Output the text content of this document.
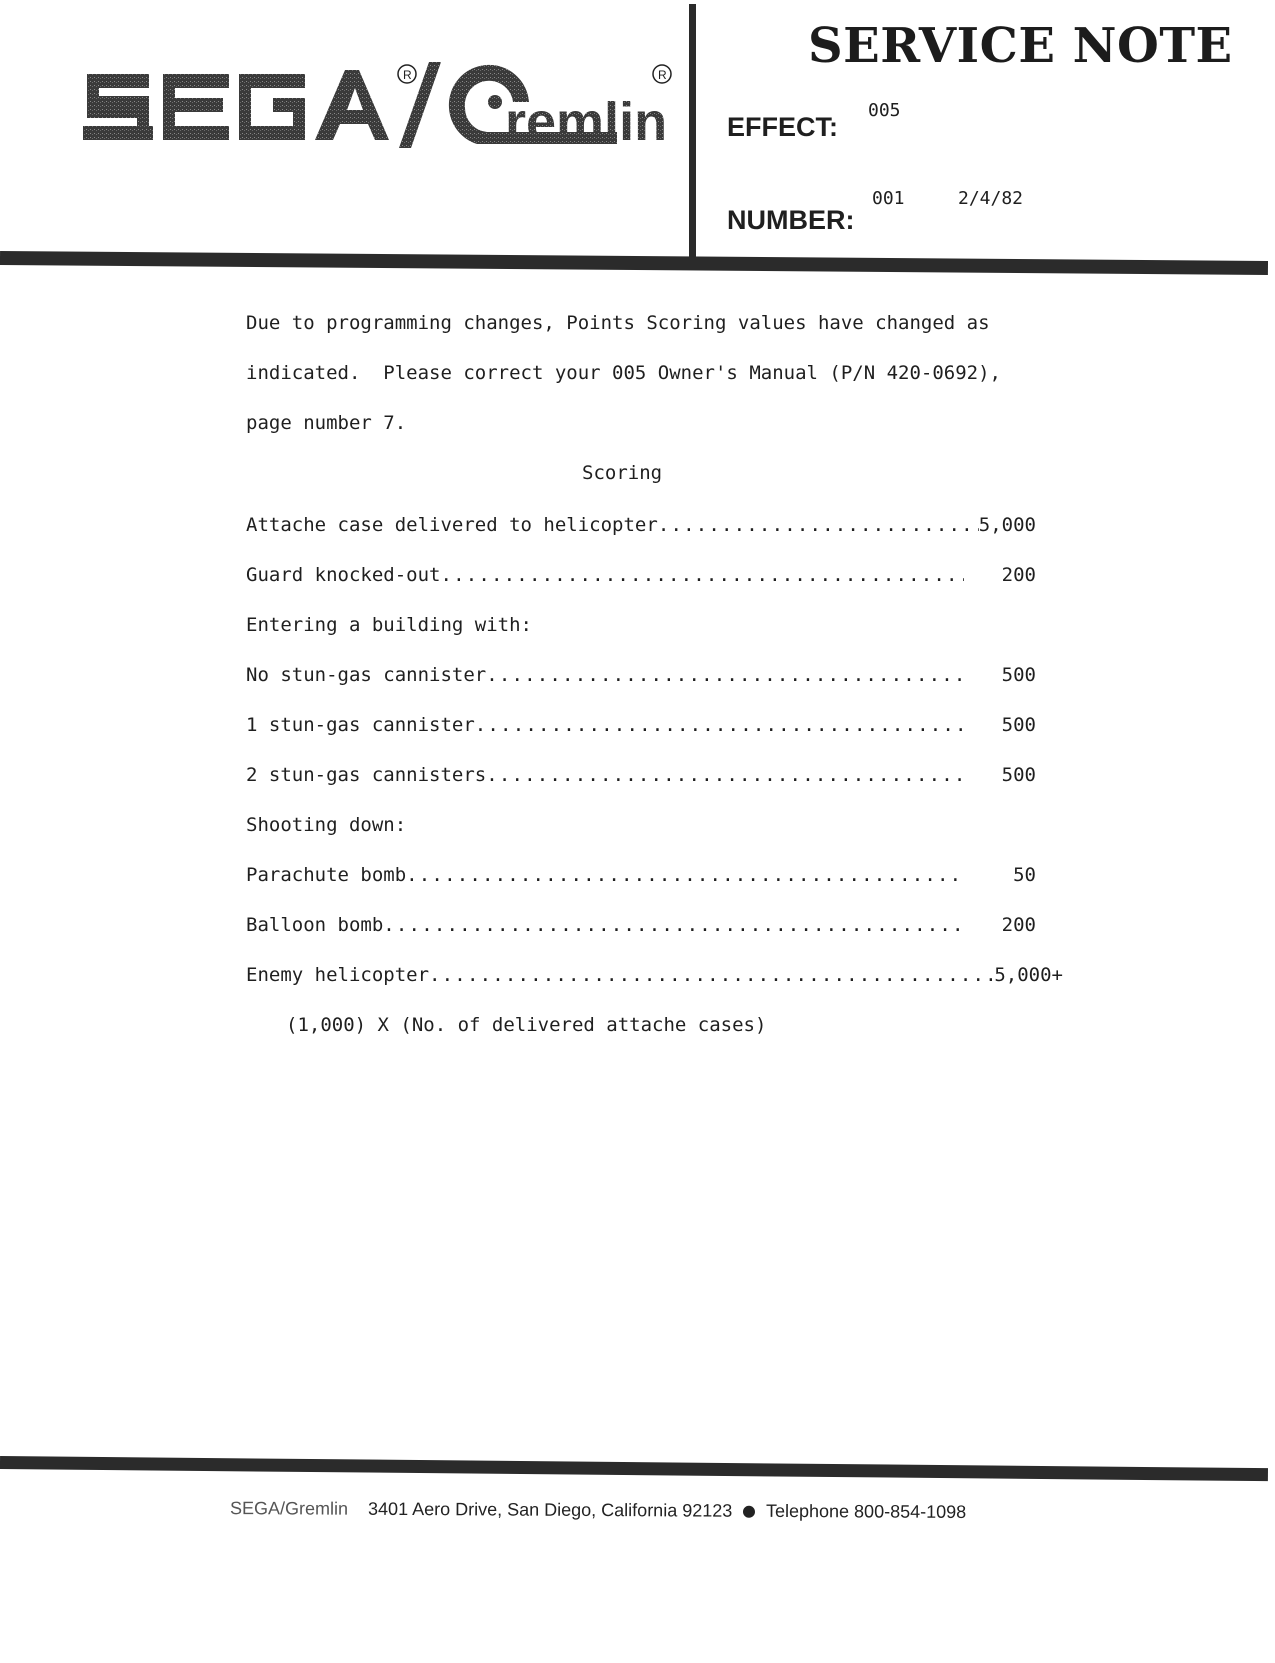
remlin
R	R
SERVICE NOTE
EFFECT:
005
NUMBER:
001	2/4/82
Due to programming changes, Points Scoring values have changed as
indicated.  Please correct your 005 Owner's Manual (P/N 420-0692),
page number 7.
Scoring
Attache case delivered to helicopter .....	5,000
Guard knocked-out .....	200
Entering a building with:
No stun-gas cannister .....	500
1 stun-gas cannister .....	500
2 stun-gas cannisters .....	500
Shooting down:
Parachute bomb .....	50
Balloon bomb .....	200
Enemy helicopter .....	5,000+
(1,000) X (No. of delivered attache cases)
SEGA/Gremlin 3401 Aero Drive, San Diego, California 92123 Telephone 800-854-1098
